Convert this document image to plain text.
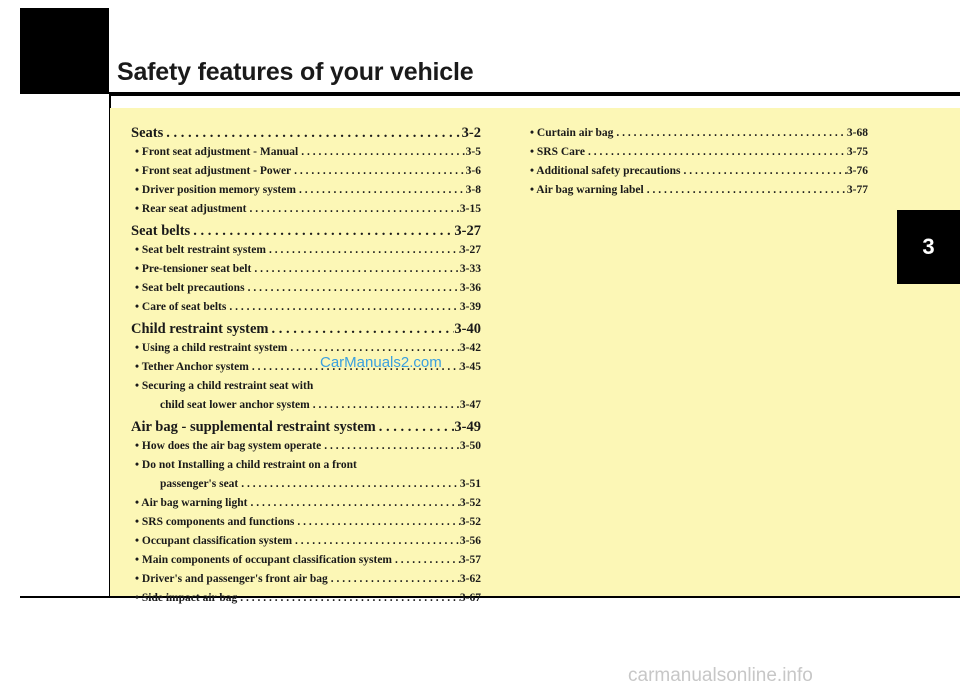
Safety features of your vehicle
3
Seats . . .	3-2
• Front seat adjustment - Manual . . .	3-5
• Front seat adjustment - Power . . .	3-6
• Driver position memory system . . .	3-8
• Rear seat adjustment . . .	3-15
Seat belts . . .	3-27
• Seat belt restraint system . . .	3-27
• Pre-tensioner seat belt . . .	3-33
• Seat belt precautions . . .	3-36
• Care of seat belts . . .	3-39
Child restraint system . . .	3-40
• Using a child restraint system . . .	3-42
• Tether Anchor system . . .	3-45
• Securing a child restraint seat with
child seat lower anchor system . . .	3-47
Air bag - supplemental restraint system . . .	3-49
• How does the air bag system operate . . .	3-50
• Do not Installing a child restraint on a front
passenger's seat . . .	3-51
• Air bag warning light . . .	3-52
• SRS components and functions . . .	3-52
• Occupant classification system . . .	3-56
• Main components of occupant classification system . . .	3-57
• Driver's and passenger's front air bag . . .	3-62
• Side impact air bag . . .	3-67
• Curtain air bag . . .	3-68
• SRS Care . . .	3-75
• Additional safety precautions . . .	3-76
• Air bag warning label . . .	3-77
CarManuals2.com
carmanualsonline.info
